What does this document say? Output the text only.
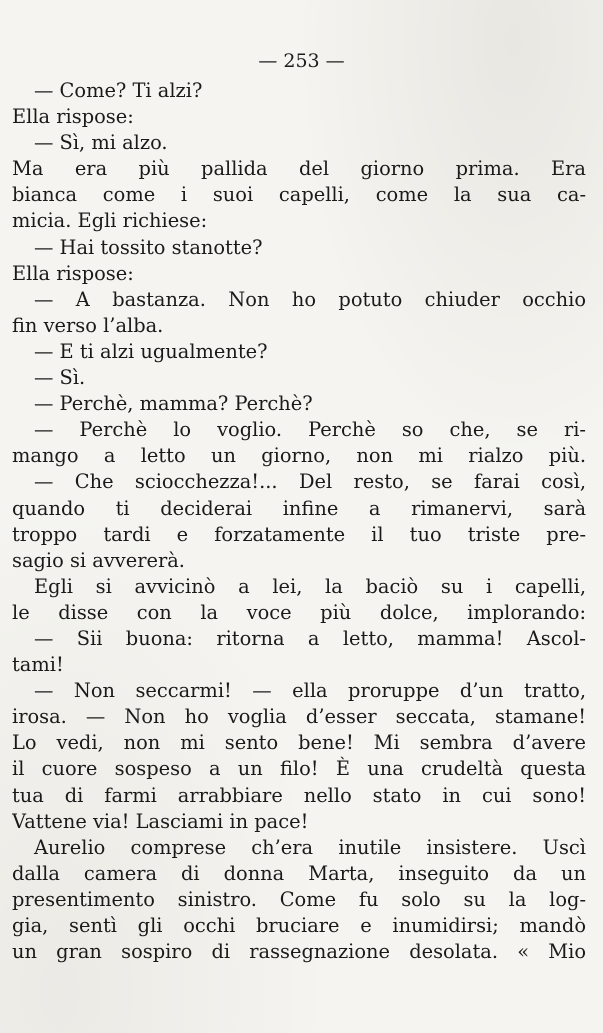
— 253 —
— Come? Ti alzi?
Ella rispose:
— Sì, mi alzo.
Ma era più pallida del giorno prima. Era
bianca come i suoi capelli, come la sua ca-
micia. Egli richiese:
— Hai tossito stanotte?
Ella rispose:
— A bastanza. Non ho potuto chiuder occhio
fin verso l’alba.
— E ti alzi ugualmente?
— Sì.
— Perchè, mamma? Perchè?
— Perchè lo voglio. Perchè so che, se ri-
mango a letto un giorno, non mi rialzo più.
— Che sciocchezza!... Del resto, se farai così,
quando ti deciderai infine a rimanervi, sarà
troppo tardi e forzatamente il tuo triste pre-
sagio si avvererà.
Egli si avvicinò a lei, la baciò su i capelli,
le disse con la voce più dolce, implorando:
— Sii buona: ritorna a letto, mamma! Ascol-
tami!
— Non seccarmi! — ella proruppe d’un tratto,
irosa. — Non ho voglia d’esser seccata, stamane!
Lo vedi, non mi sento bene! Mi sembra d’avere
il cuore sospeso a un filo! È una crudeltà questa
tua di farmi arrabbiare nello stato in cui sono!
Vattene via! Lasciami in pace!
Aurelio comprese ch’era inutile insistere. Uscì
dalla camera di donna Marta, inseguito da un
presentimento sinistro. Come fu solo su la log-
gia, sentì gli occhi bruciare e inumidirsi; mandò
un gran sospiro di rassegnazione desolata. « Mio
